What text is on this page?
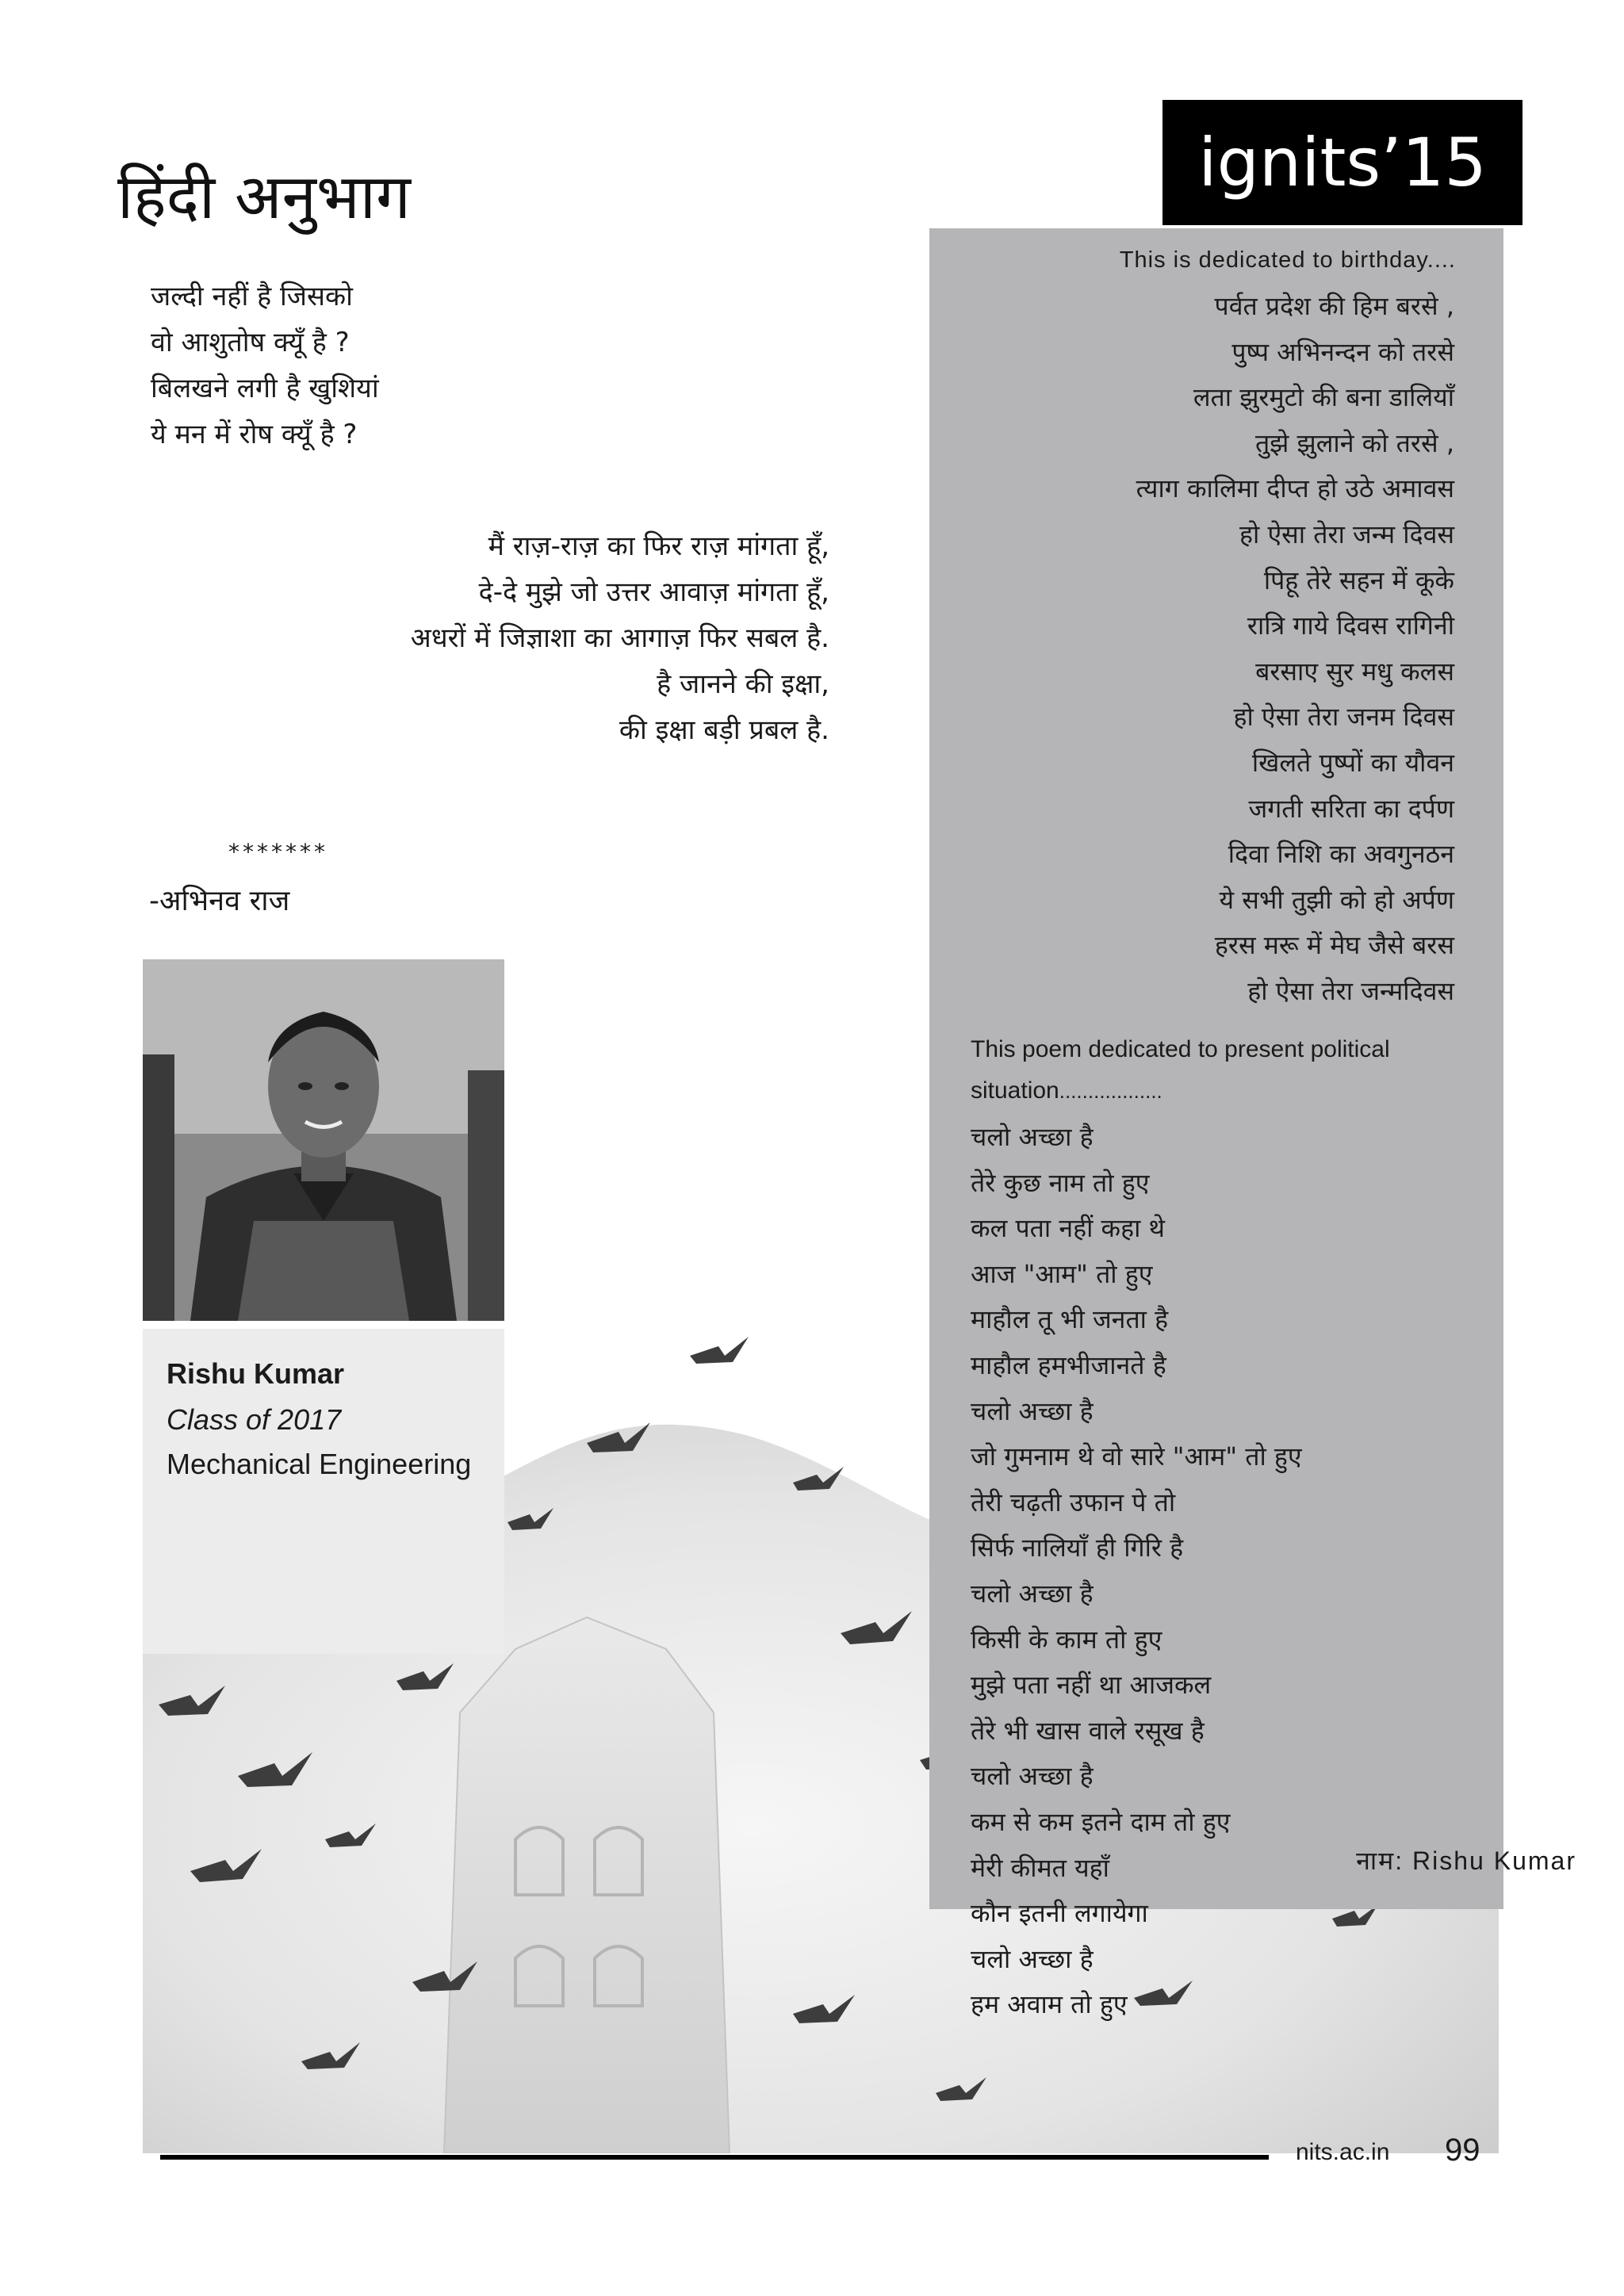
हिंदी अनुभाग	ignits’15
जल्दी नहीं है जिसको
वो आशुतोष क्यूँ है ?
बिलखने लगी है खुशियां
ये मन में रोष क्यूँ है ?
मैं राज़-राज़ का फिर राज़ मांगता हूँ,
दे-दे मुझे जो उत्तर आवाज़ मांगता हूँ,
अधरों में जिज्ञाशा का आगाज़ फिर सबल है.
है जानने की इक्षा,
की इक्षा बड़ी प्रबल है.
*******
-अभिनव राज
Rishu Kumar
Class of 2017
Mechanical Engineering
This is dedicated to birthday....
पर्वत प्रदेश की हिम बरसे ,
पुष्प अभिनन्दन को तरसे
लता झुरमुटो की बना डालियाँ
तुझे झुलाने को तरसे ,
त्याग कालिमा दीप्त हो उठे अमावस
हो ऐसा तेरा जन्म दिवस
पिहू तेरे सहन में कूके
रात्रि गाये दिवस रागिनी
बरसाए सुर मधु कलस
हो ऐसा तेरा जनम दिवस
खिलते पुष्पों का यौवन
जगती सरिता का दर्पण
दिवा निशि का अवगुनठन
ये सभी तुझी को हो अर्पण
हरस मरू में मेघ जैसे बरस
हो ऐसा तेरा जन्मदिवस
This poem dedicated to present political situation..................
चलो अच्छा है
तेरे कुछ नाम तो हुए
कल पता नहीं कहा थे
आज "आम" तो हुए
माहौल तू भी जनता है
माहौल हमभीजानते है
चलो अच्छा है
जो गुमनाम थे वो सारे "आम" तो हुए
तेरी चढ़ती उफान पे तो
सिर्फ नालियाँ ही गिरि है
चलो अच्छा है
किसी के काम तो हुए
मुझे पता नहीं था आजकल
तेरे भी खास वाले रसूख है
चलो अच्छा है
कम से कम इतने दाम तो हुए
मेरी कीमत यहाँ
कौन इतनी लगायेगा
चलो अच्छा है
हम अवाम तो हुए
नाम: Rishu Kumar
nits.ac.in 99
